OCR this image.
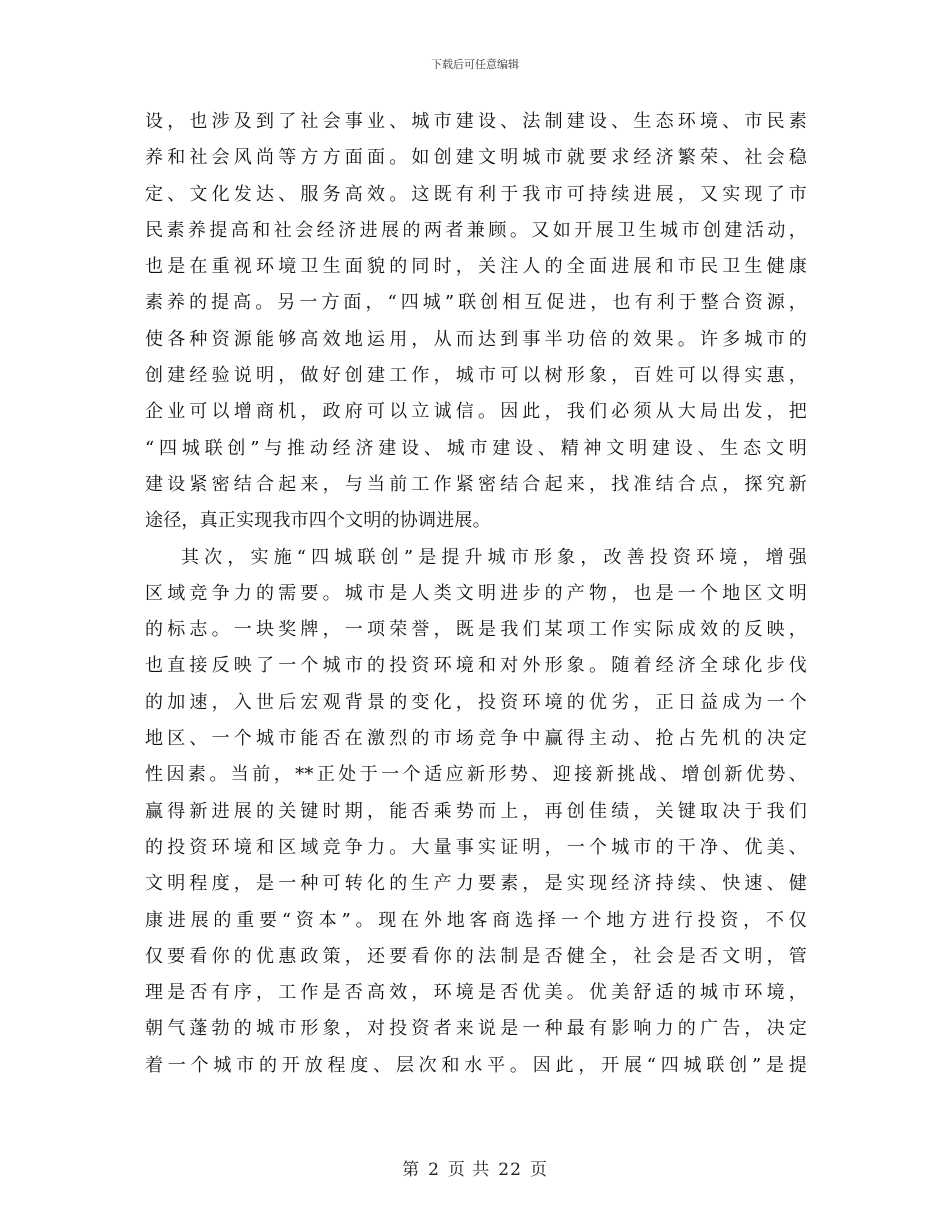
下载后可任意编辑
设，也涉及到了社会事业、城市建设、法制建设、生态环境、市民素
养和社会风尚等方方面面。如创建文明城市就要求经济繁荣、社会稳
定、文化发达、服务高效。这既有利于我市可持续进展，又实现了市
民素养提高和社会经济进展的两者兼顾。又如开展卫生城市创建活动，
也是在重视环境卫生面貌的同时，关注人的全面进展和市民卫生健康
素养的提高。另一方面，“四城”联创相互促进，也有利于整合资源，
使各种资源能够高效地运用，从而达到事半功倍的效果。许多城市的
创建经验说明，做好创建工作，城市可以树形象，百姓可以得实惠，
企业可以增商机，政府可以立诚信。因此，我们必须从大局出发，把
“四城联创”与推动经济建设、城市建设、精神文明建设、生态文明
建设紧密结合起来，与当前工作紧密结合起来，找准结合点，探究新
途径，真正实现我市四个文明的协调进展。
其次，实施“四城联创”是提升城市形象，改善投资环境，增强
区域竞争力的需要。城市是人类文明进步的产物，也是一个地区文明
的标志。一块奖牌，一项荣誉，既是我们某项工作实际成效的反映，
也直接反映了一个城市的投资环境和对外形象。随着经济全球化步伐
的加速，入世后宏观背景的变化，投资环境的优劣，正日益成为一个
地区、一个城市能否在激烈的市场竞争中赢得主动、抢占先机的决定
性因素。当前，**正处于一个适应新形势、迎接新挑战、增创新优势、
赢得新进展的关键时期，能否乘势而上，再创佳绩，关键取决于我们
的投资环境和区域竞争力。大量事实证明，一个城市的干净、优美、
文明程度，是一种可转化的生产力要素，是实现经济持续、快速、健
康进展的重要“资本”。现在外地客商选择一个地方进行投资，不仅
仅要看你的优惠政策，还要看你的法制是否健全，社会是否文明，管
理是否有序，工作是否高效，环境是否优美。优美舒适的城市环境，
朝气蓬勃的城市形象，对投资者来说是一种最有影响力的广告，决定
着一个城市的开放程度、层次和水平。因此，开展“四城联创”是提
第 2 页 共 22 页
